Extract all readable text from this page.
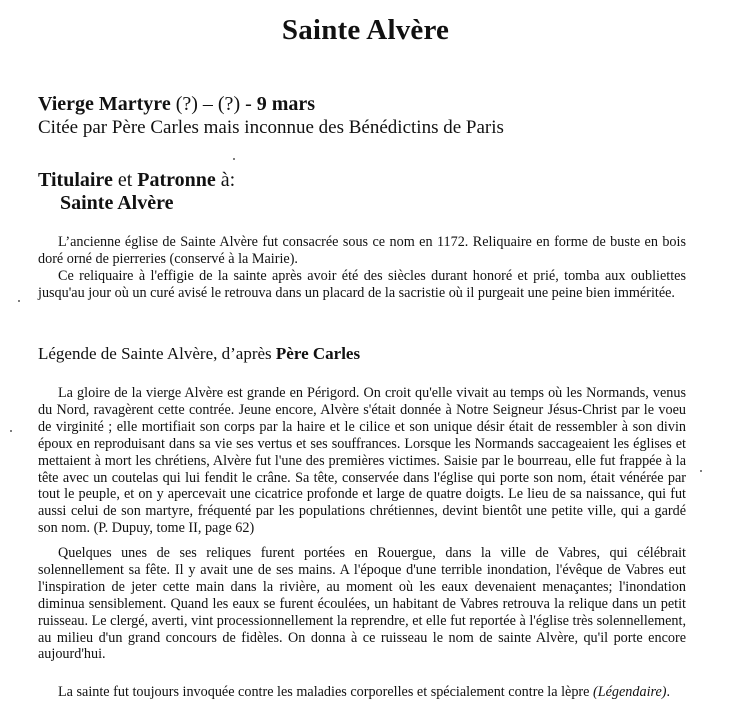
Sainte Alvère
Vierge Martyre (?) – (?) - 9 mars
Citée par Père Carles mais inconnue des Bénédictins de Paris
Titulaire et Patronne à:
Sainte Alvère
L’ancienne église de Sainte Alvère fut consacrée sous ce nom en 1172. Reliquaire en forme de buste en bois doré orné de pierreries (conservé à la Mairie).
Ce reliquaire à l'effigie de la sainte après avoir été des siècles durant honoré et prié, tomba aux oubliettes jusqu'au jour où un curé avisé le retrouva dans un placard de la sacristie où il purgeait une peine bien imméritée.
Légende de Sainte Alvère, d’après Père Carles
La gloire de la vierge Alvère est grande en Périgord. On croit qu'elle vivait au temps où les Normands, venus du Nord, ravagèrent cette contrée. Jeune encore, Alvère s'était donnée à Notre Seigneur Jésus-Christ par le voeu de virginité ; elle mortifiait son corps par la haire et le cilice et son unique désir était de ressembler à son divin époux en reproduisant dans sa vie ses vertus et ses souffrances. Lorsque les Normands saccageaient les églises et mettaient à mort les chrétiens, Alvère fut l'une des premières victimes. Saisie par le bourreau, elle fut frappée à la tête avec un coutelas qui lui fendit le crâne. Sa tête, conservée dans l'église qui porte son nom, était vénérée par tout le peuple, et on y apercevait une cicatrice profonde et large de quatre doigts. Le lieu de sa naissance, qui fut aussi celui de son martyre, fréquenté par les populations chrétiennes, devint bientôt une petite ville, qui a gardé son nom. (P. Dupuy, tome II, page 62)
Quelques unes de ses reliques furent portées en Rouergue, dans la ville de Vabres, qui célébrait solennellement sa fête. Il y avait une de ses mains. A l'époque d'une terrible inondation, l'évêque de Vabres eut l'inspiration de jeter cette main dans la rivière, au moment où les eaux devenaient menaçantes; l'inondation diminua sensiblement. Quand les eaux se furent écoulées, un habitant de Vabres retrouva la relique dans un petit ruisseau. Le clergé, averti, vint processionnellement la reprendre, et elle fut reportée à l'église très solennellement, au milieu d'un grand concours de fidèles. On donna à ce ruisseau le nom de sainte Alvère, qu'il porte encore aujourd'hui.
La sainte fut toujours invoquée contre les maladies corporelles et spécialement contre la lèpre (Légendaire).
